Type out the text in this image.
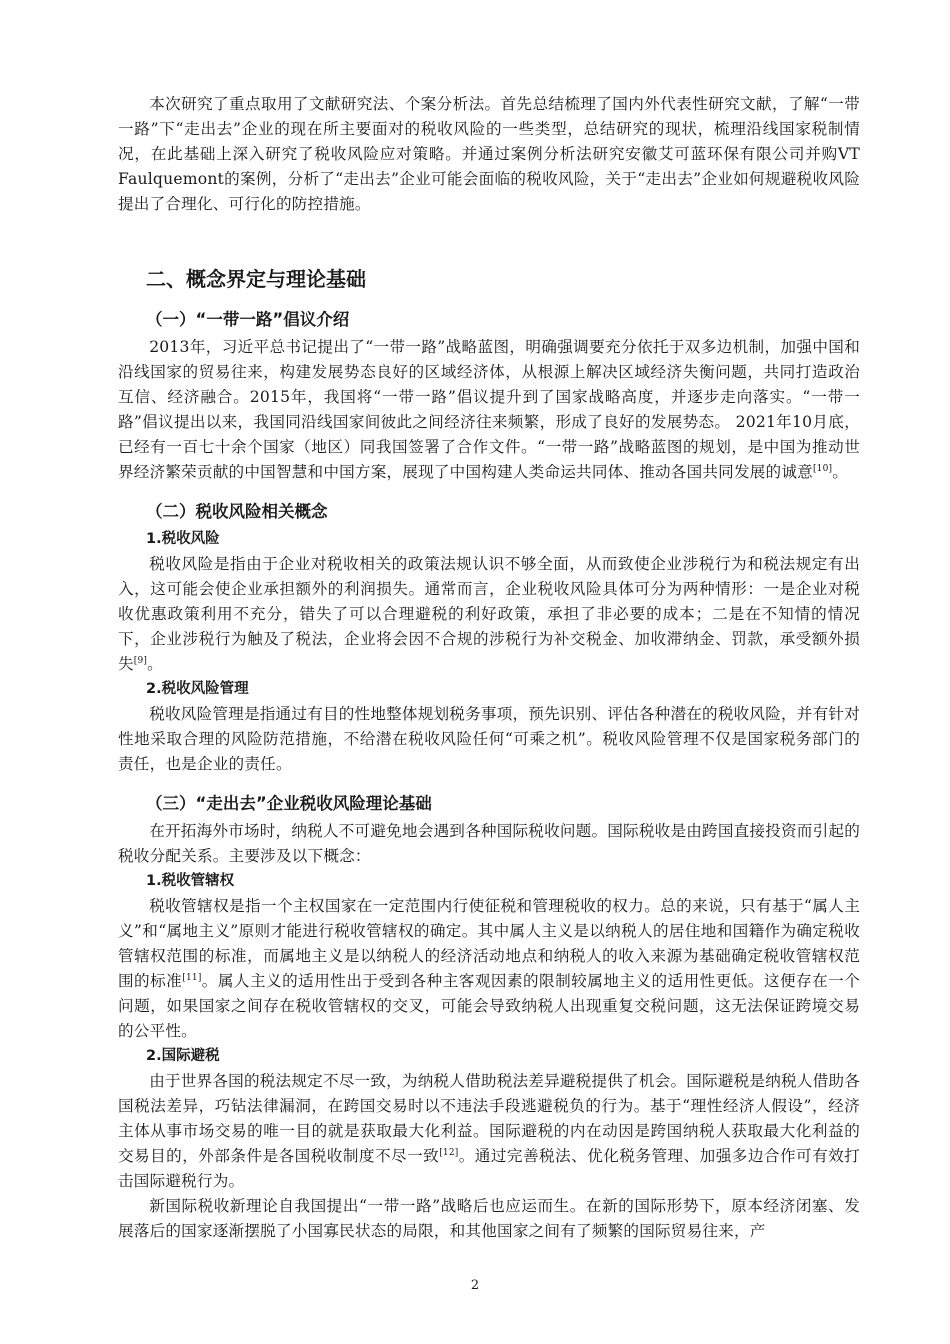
本次研究了重点取用了文献研究法、个案分析法。首先总结梳理了国内外代表性研究文献，了解“一带一路”下“走出去”企业的现在所主要面对的税收风险的一些类型，总结研究的现状，梳理沿线国家税制情况，在此基础上深入研究了税收风险应对策略。并通过案例分析法研究安徽艾可蓝环保有限公司并购VT Faulquemont的案例，分析了“走出去”企业可能会面临的税收风险，关于“走出去”企业如何规避税收风险提出了合理化、可行化的防控措施。

二、概念界定与理论基础
（一）“一带一路”倡议介绍

2013年，习近平总书记提出了“一带一路”战略蓝图，明确强调要充分依托于双多边机制，加强中国和沿线国家的贸易往来，构建发展势态良好的区域经济体，从根源上解决区域经济失衡问题，共同打造政治互信、经济融合。2015年，我国将“一带一路”倡议提升到了国家战略高度，并逐步走向落实。“一带一路”倡议提出以来，我国同沿线国家间彼此之间经济往来频繁，形成了良好的发展势态。 2021年10月底，已经有一百七十余个国家（地区）同我国签署了合作文件。“一带一路”战略蓝图的规划，是中国为推动世界经济繁荣贡献的中国智慧和中国方案，展现了中国构建人类命运共同体、推动各国共同发展的诚意[10]。

（二）税收风险相关概念
1.税收风险

税收风险是指由于企业对税收相关的政策法规认识不够全面，从而致使企业涉税行为和税法规定有出入，这可能会使企业承担额外的利润损失。通常而言，企业税收风险具体可分为两种情形：一是企业对税收优惠政策利用不充分，错失了可以合理避税的利好政策，承担了非必要的成本；二是在不知情的情况下，企业涉税行为触及了税法，企业将会因不合规的涉税行为补交税金、加收滞纳金、罚款，承受额外损失[9]。

2.税收风险管理

税收风险管理是指通过有目的性地整体规划税务事项，预先识别、评估各种潜在的税收风险，并有针对性地采取合理的风险防范措施，不给潜在税收风险任何“可乘之机”。税收风险管理不仅是国家税务部门的责任，也是企业的责任。

（三）“走出去”企业税收风险理论基础

在开拓海外市场时，纳税人不可避免地会遇到各种国际税收问题。国际税收是由跨国直接投资而引起的税收分配关系。主要涉及以下概念：

1.税收管辖权

税收管辖权是指一个主权国家在一定范围内行使征税和管理税收的权力。总的来说，只有基于“属人主义”和“属地主义”原则才能进行税收管辖权的确定。其中属人主义是以纳税人的居住地和国籍作为确定税收管辖权范围的标准，而属地主义是以纳税人的经济活动地点和纳税人的收入来源为基础确定税收管辖权范围的标准[11]。属人主义的适用性出于受到各种主客观因素的限制较属地主义的适用性更低。这便存在一个问题，如果国家之间存在税收管辖权的交叉，可能会导致纳税人出现重复交税问题，这无法保证跨境交易的公平性。

2.国际避税

由于世界各国的税法规定不尽一致，为纳税人借助税法差异避税提供了机会。国际避税是纳税人借助各国税法差异，巧钻法律漏洞，在跨国交易时以不违法手段逃避税负的行为。基于“理性经济人假设”，经济主体从事市场交易的唯一目的就是获取最大化利益。国际避税的内在动因是跨国纳税人获取最大化利益的交易目的，外部条件是各国税收制度不尽一致[12]。通过完善税法、优化税务管理、加强多边合作可有效打击国际避税行为。

新国际税收新理论自我国提出“一带一路”战略后也应运而生。在新的国际形势下，原本经济闭塞、发展落后的国家逐渐摆脱了小国寡民状态的局限，和其他国家之间有了频繁的国际贸易往来，产

2
